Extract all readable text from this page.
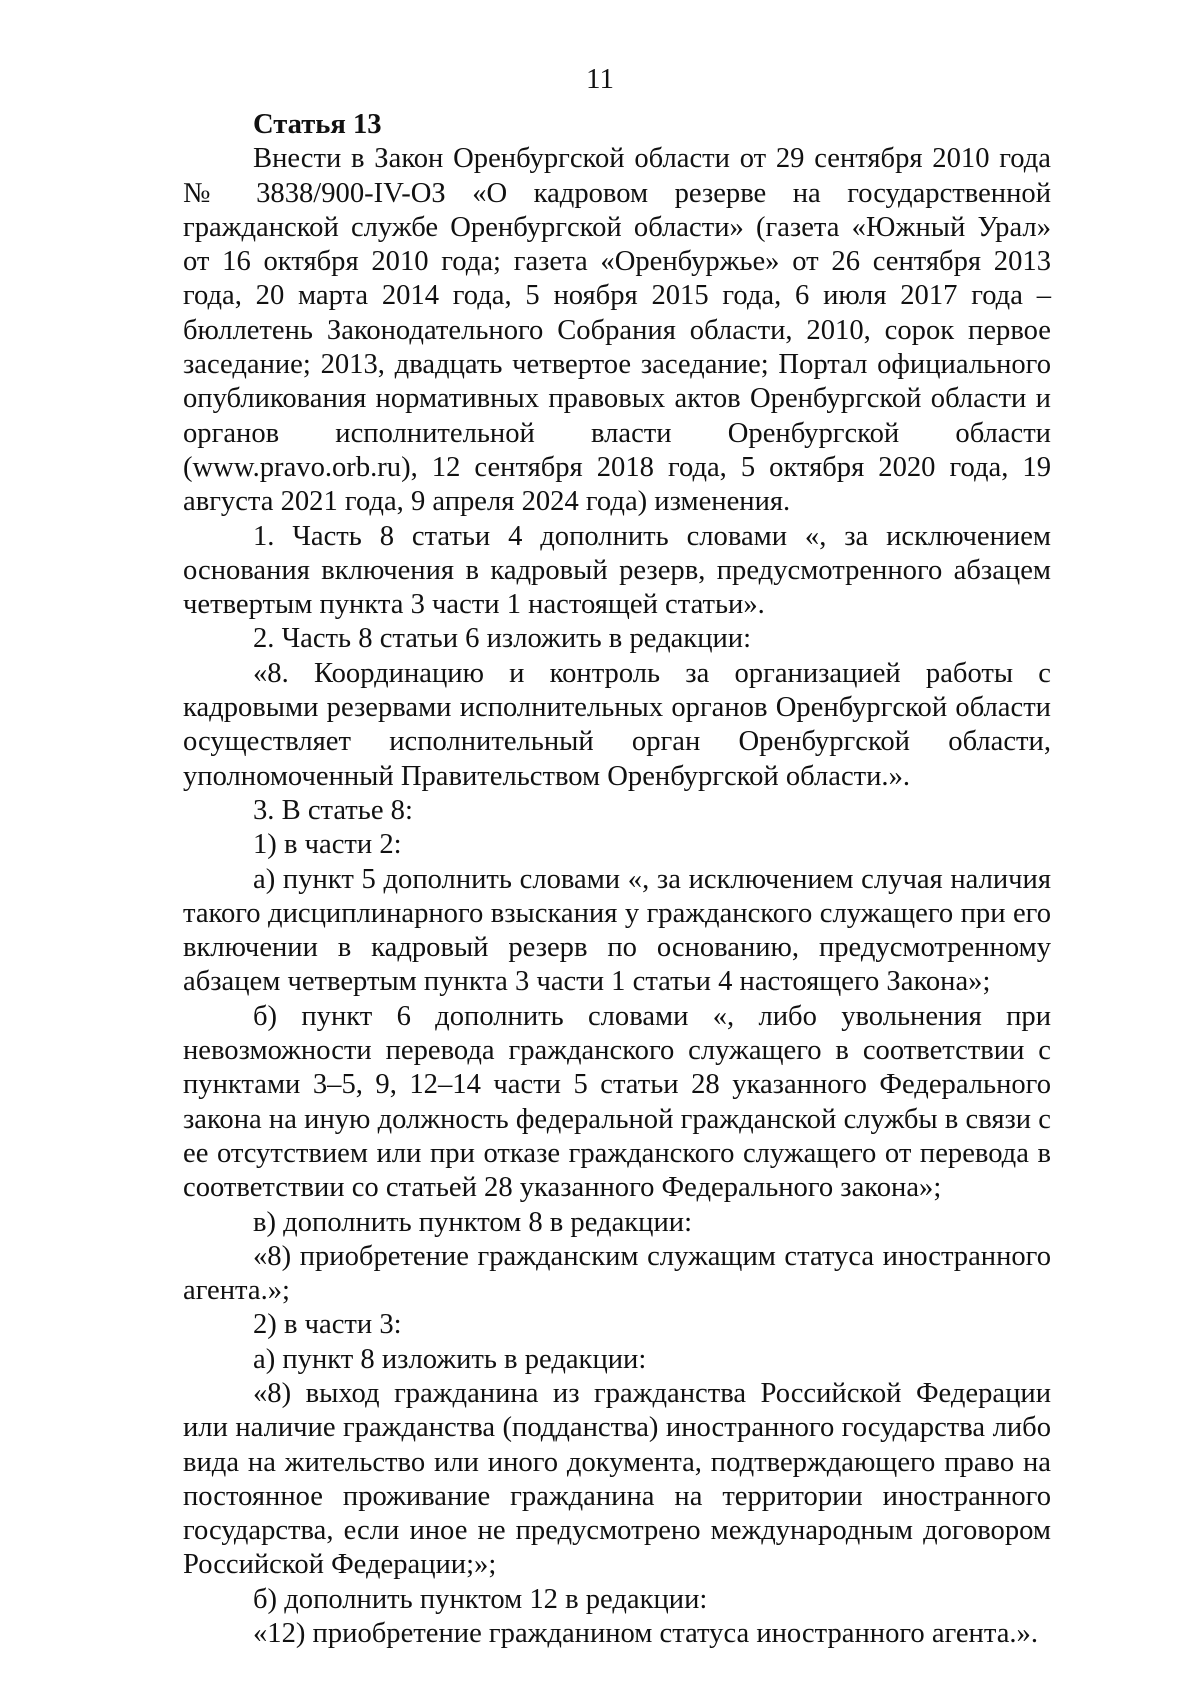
11

Статья 13

Внести в Закон Оренбургской области от 29 сентября 2010 года № 3838/900-IV-ОЗ «О кадровом резерве на государственной гражданской службе Оренбургской области» (газета «Южный Урал» от 16 октября 2010 года; газета «Оренбуржье» от 26 сентября 2013 года, 20 марта 2014 года, 5 ноября 2015 года, 6 июля 2017 года – бюллетень Законодательного Собрания области, 2010, сорок первое заседание; 2013, двадцать четвертое заседание; Портал официального опубликования нормативных правовых актов Оренбургской области и органов исполнительной власти Оренбургской области (www.pravo.orb.ru), 12 сентября 2018 года, 5 октября 2020 года, 19 августа 2021 года, 9 апреля 2024 года) изменения.

1. Часть 8 статьи 4 дополнить словами «, за исключением основания включения в кадровый резерв, предусмотренного абзацем четвертым пункта 3 части 1 настоящей статьи».

2. Часть 8 статьи 6 изложить в редакции:

«8. Координацию и контроль за организацией работы с кадровыми резервами исполнительных органов Оренбургской области осуществляет исполнительный орган Оренбургской области, уполномоченный Правительством Оренбургской области.».

3. В статье 8:

1) в части 2:

а) пункт 5 дополнить словами «, за исключением случая наличия такого дисциплинарного взыскания у гражданского служащего при его включении в кадровый резерв по основанию, предусмотренному абзацем четвертым пункта 3 части 1 статьи 4 настоящего Закона»;

б) пункт 6 дополнить словами «, либо увольнения при невозможности перевода гражданского служащего в соответствии с пунктами 3–5, 9, 12–14 части 5 статьи 28 указанного Федерального закона на иную должность федеральной гражданской службы в связи с ее отсутствием или при отказе гражданского служащего от перевода в соответствии со статьей 28 указанного Федерального закона»;

в) дополнить пунктом 8 в редакции:

«8) приобретение гражданским служащим статуса иностранного агента.»;

2) в части 3:

а) пункт 8 изложить в редакции:

«8) выход гражданина из гражданства Российской Федерации или наличие гражданства (подданства) иностранного государства либо вида на жительство или иного документа, подтверждающего право на постоянное проживание гражданина на территории иностранного государства, если иное не предусмотрено международным договором Российской Федерации;»;

б) дополнить пунктом 12 в редакции:

«12) приобретение гражданином статуса иностранного агента.».
